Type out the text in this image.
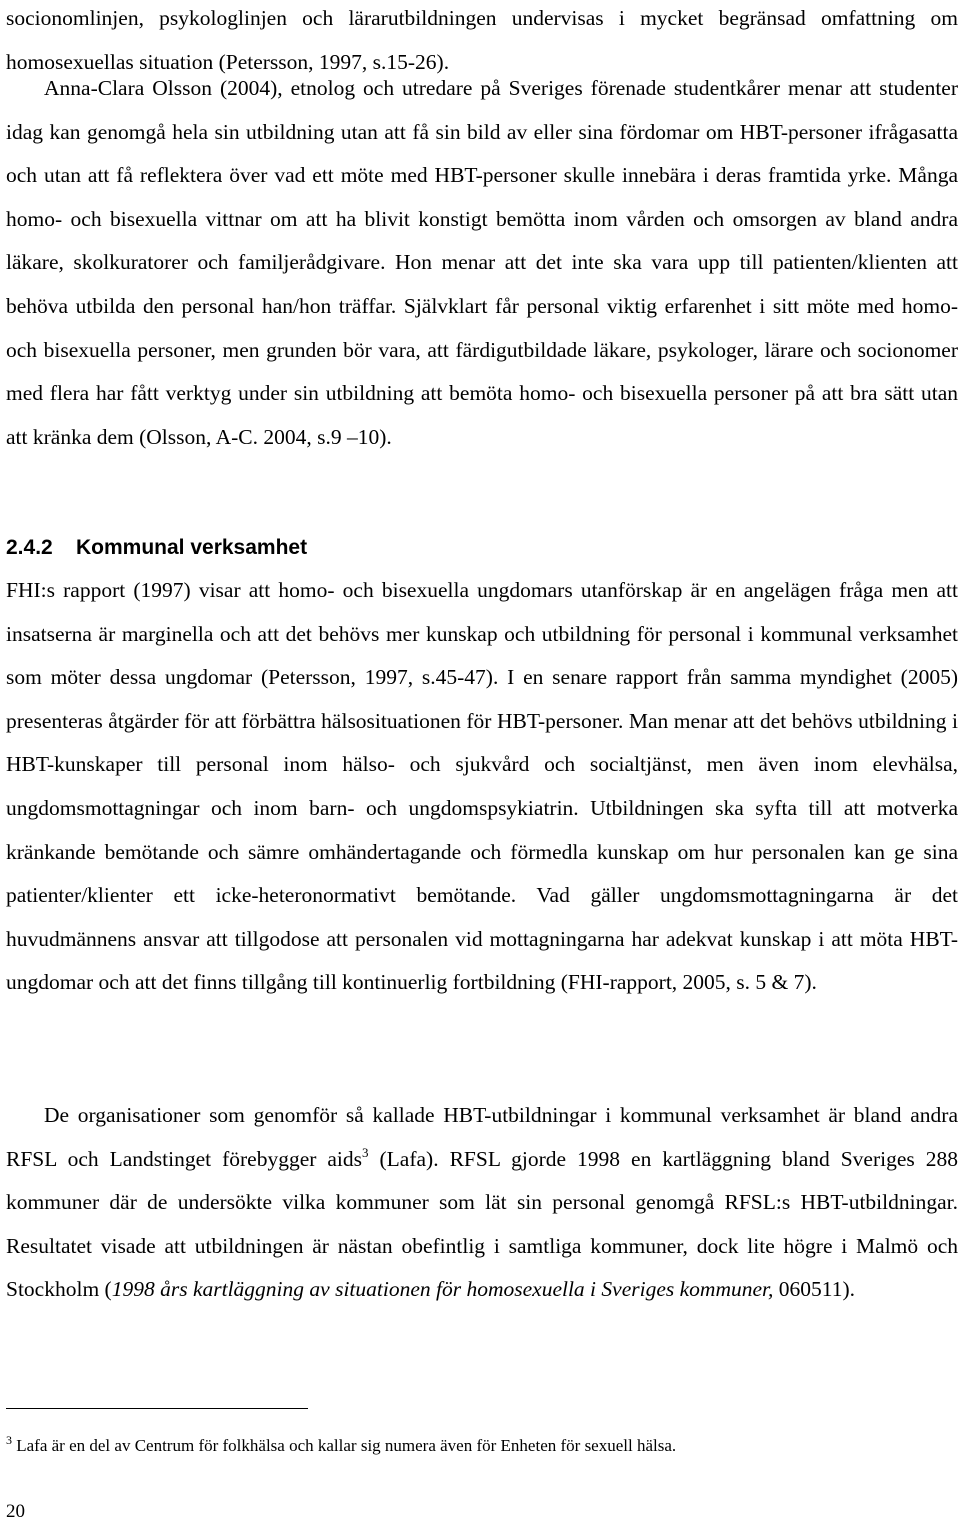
socionomlinjen, psykologlinjen och lärarutbildningen undervisas i mycket begränsad omfattning om homosexuellas situation (Petersson, 1997, s.15-26).

Anna-Clara Olsson (2004), etnolog och utredare på Sveriges förenade studentkårer menar att studenter idag kan genomgå hela sin utbildning utan att få sin bild av eller sina fördomar om HBT-personer ifrågasatta och utan att få reflektera över vad ett möte med HBT-personer skulle innebära i deras framtida yrke. Många homo- och bisexuella vittnar om att ha blivit konstigt bemötta inom vården och omsorgen av bland andra läkare, skolkuratorer och familjerådgivare. Hon menar att det inte ska vara upp till patienten/klienten att behöva utbilda den personal han/hon träffar. Självklart får personal viktig erfarenhet i sitt möte med homo- och bisexuella personer, men grunden bör vara, att färdigutbildade läkare, psykologer, lärare och socionomer med flera har fått verktyg under sin utbildning att bemöta homo- och bisexuella personer på att bra sätt utan att kränka dem (Olsson, A-C. 2004, s.9 –10).

2.4.2 Kommunal verksamhet

FHI:s rapport (1997) visar att homo- och bisexuella ungdomars utanförskap är en angelägen fråga men att insatserna är marginella och att det behövs mer kunskap och utbildning för personal i kommunal verksamhet som möter dessa ungdomar (Petersson, 1997, s.45-47). I en senare rapport från samma myndighet (2005) presenteras åtgärder för att förbättra hälsosituationen för HBT-personer. Man menar att det behövs utbildning i HBT-kunskaper till personal inom hälso- och sjukvård och socialtjänst, men även inom elevhälsa, ungdomsmottagningar och inom barn- och ungdomspsykiatrin. Utbildningen ska syfta till att motverka kränkande bemötande och sämre omhändertagande och förmedla kunskap om hur personalen kan ge sina patienter/klienter ett icke-heteronormativt bemötande. Vad gäller ungdomsmottagningarna är det huvudmännens ansvar att tillgodose att personalen vid mottagningarna har adekvat kunskap i att möta HBT-ungdomar och att det finns tillgång till kontinuerlig fortbildning (FHI-rapport, 2005, s. 5 & 7).

De organisationer som genomför så kallade HBT-utbildningar i kommunal verksamhet är bland andra RFSL och Landstinget förebygger aids$^3$ (Lafa). RFSL gjorde 1998 en kartläggning bland Sveriges 288 kommuner där de undersökte vilka kommuner som lät sin personal genomgå RFSL:s HBT-utbildningar. Resultatet visade att utbildningen är nästan obefintlig i samtliga kommuner, dock lite högre i Malmö och Stockholm (1998 års kartläggning av situationen för homosexuella i Sveriges kommuner, 060511).

$^3$ Lafa är en del av Centrum för folkhälsa och kallar sig numera även för Enheten för sexuell hälsa.

20
